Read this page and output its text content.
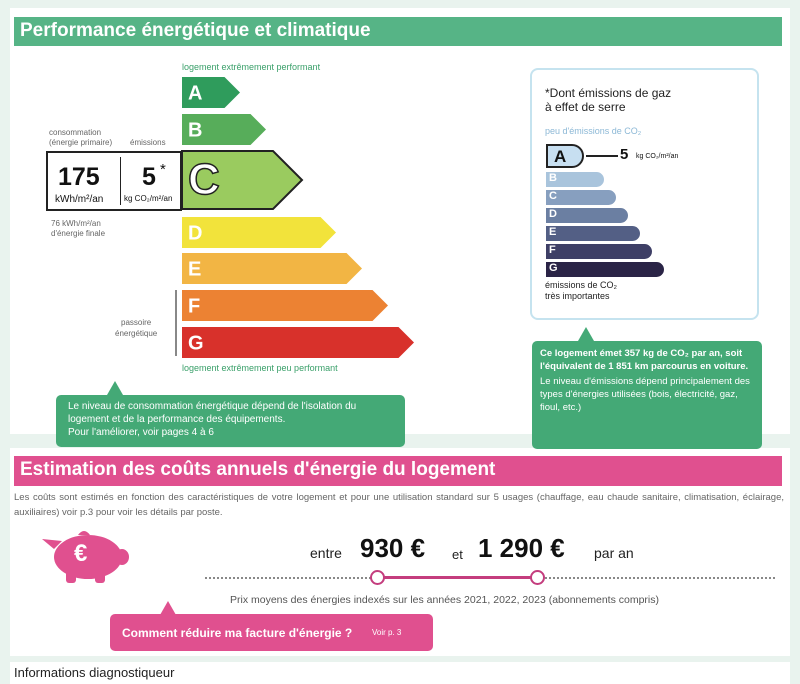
Performance énergétique et climatique
logement extrêmement performant
A
B
C
D
E
F
G
logement extrêmement peu performant
consommation
(énergie primaire) émissions
175
kWh/m²/an
5 *
kg CO₂/m²/an
76 kWh/m²/an
d'énergie finale
passoire
énergétique
Le niveau de consommation énergétique dépend de l'isolation du logement et de la performance des équipements.
Pour l'améliorer, voir pages 4 à 6
*Dont émissions de gaz
à effet de serre
peu d'émissions de CO₂
A
B
C
D
E
F
G
5 kg CO₂/m²/an
émissions de CO₂
très importantes
Ce logement émet 357 kg de CO₂ par an, soit l'équivalent de 1 851 km parcourus en voiture.
Le niveau d'émissions dépend principalement des types d'énergies utilisées (bois, électricité, gaz, fioul, etc.)
Estimation des coûts annuels d'énergie du logement
Les coûts sont estimés en fonction des caractéristiques de votre logement et pour une utilisation standard sur 5 usages (chauffage, eau chaude sanitaire, climatisation, éclairage, auxiliaires) voir p.3 pour voir les détails par poste.
€	entre 930 € et 1 290 € par an
Prix moyens des énergies indexés sur les années 2021, 2022, 2023 (abonnements compris)
Comment réduire ma facture d'énergie ? Voir p. 3
Informations diagnostiqueur
